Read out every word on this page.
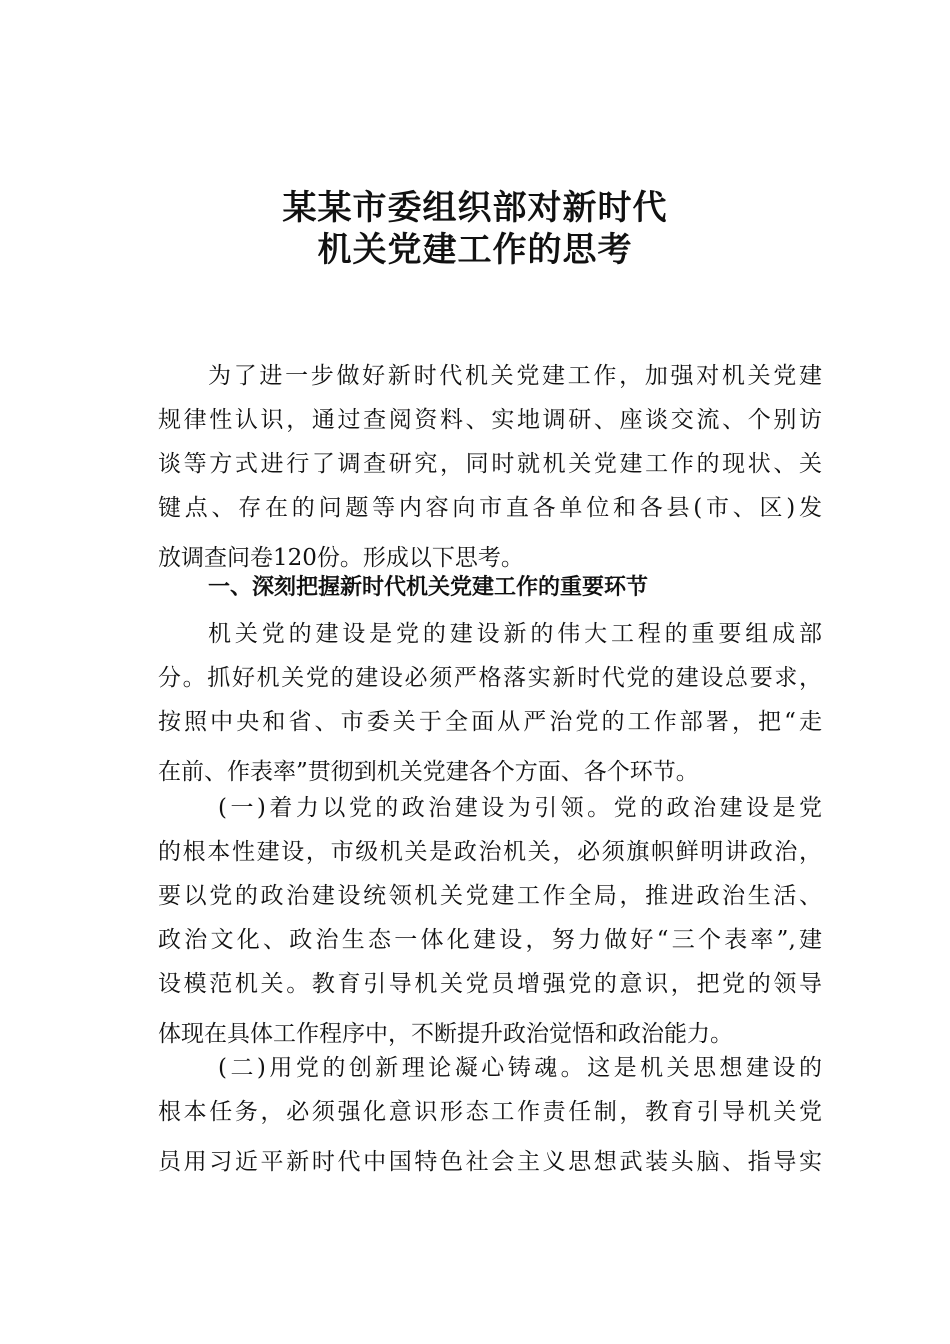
某某市委组织部对新时代
机关党建工作的思考
为了进一步做好新时代机关党建工作，加强对机关党建
规律性认识，通过查阅资料、实地调研、座谈交流、个别访
谈等方式进行了调查研究，同时就机关党建工作的现状、关
键点、存在的问题等内容向市直各单位和各县(市、区)发
放调查问卷120份。形成以下思考。
一、深刻把握新时代机关党建工作的重要环节
机关党的建设是党的建设新的伟大工程的重要组成部
分。抓好机关党的建设必须严格落实新时代党的建设总要求，
按照中央和省、市委关于全面从严治党的工作部署，把“走
在前、作表率”贯彻到机关党建各个方面、各个环节。
(一)着力以党的政治建设为引领。党的政治建设是党
的根本性建设，市级机关是政治机关，必须旗帜鲜明讲政治，
要以党的政治建设统领机关党建工作全局，推进政治生活、
政治文化、政治生态一体化建设，努力做好“三个表率”,建
设模范机关。教育引导机关党员增强党的意识，把党的领导
体现在具体工作程序中，不断提升政治觉悟和政治能力。
(二)用党的创新理论凝心铸魂。这是机关思想建设的
根本任务，必须强化意识形态工作责任制，教育引导机关党
员用习近平新时代中国特色社会主义思想武装头脑、指导实
